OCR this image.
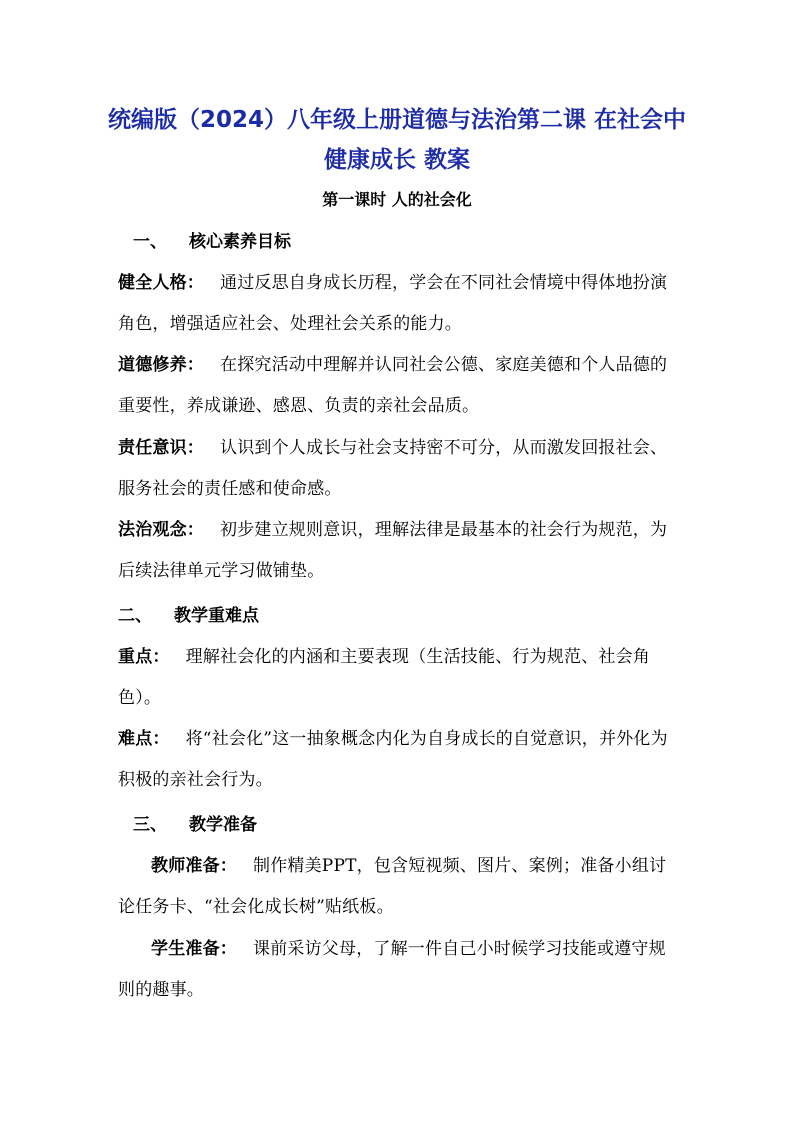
统编版（2024）八年级上册道德与法治第二课 在社会中健康成长 教案
第一课时 人的社会化
一、 核心素养目标

健全人格： 通过反思自身成长历程，学会在不同社会情境中得体地扮演角色，增强适应社会、处理社会关系的能力。

道德修养： 在探究活动中理解并认同社会公德、家庭美德和个人品德的重要性，养成谦逊、感恩、负责的亲社会品质。

责任意识： 认识到个人成长与社会支持密不可分，从而激发回报社会、服务社会的责任感和使命感。

法治观念： 初步建立规则意识，理解法律是最基本的社会行为规范，为后续法律单元学习做铺垫。

二、 教学重难点

重点： 理解社会化的内涵和主要表现（生活技能、行为规范、社会角色）。

难点： 将“社会化”这一抽象概念内化为自身成长的自觉意识，并外化为积极的亲社会行为。

三、 教学准备

教师准备： 制作精美PPT，包含短视频、图片、案例；准备小组讨论任务卡、“社会化成长树”贴纸板。

学生准备： 课前采访父母，了解一件自己小时候学习技能或遵守规则的趣事。
